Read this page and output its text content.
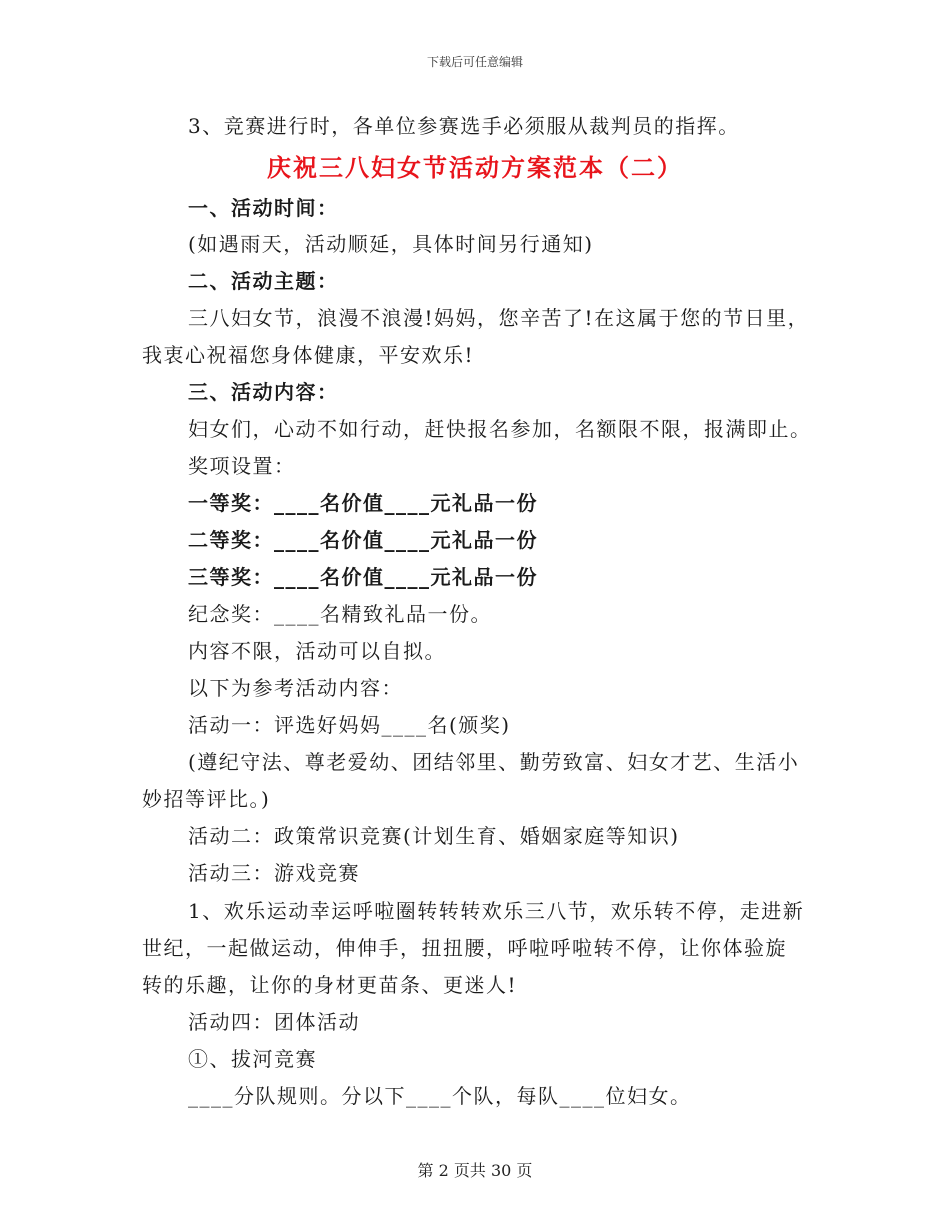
下载后可任意编辑
3、竞赛进行时，各单位参赛选手必须服从裁判员的指挥。
庆祝三八妇女节活动方案范本（二）
一、活动时间：
(如遇雨天，活动顺延，具体时间另行通知)
二、活动主题：
三八妇女节，浪漫不浪漫!妈妈，您辛苦了!在这属于您的节日里，
我衷心祝福您身体健康，平安欢乐!
三、活动内容：
妇女们，心动不如行动，赶快报名参加，名额限不限，报满即止。
奖项设置：
一等奖：____名价值____元礼品一份
二等奖：____名价值____元礼品一份
三等奖：____名价值____元礼品一份
纪念奖：____名精致礼品一份。
内容不限，活动可以自拟。
以下为参考活动内容：
活动一：评选好妈妈____名(颁奖)
(遵纪守法、尊老爱幼、团结邻里、勤劳致富、妇女才艺、生活小
妙招等评比。)
活动二：政策常识竞赛(计划生育、婚姻家庭等知识)
活动三：游戏竞赛
1、欢乐运动幸运呼啦圈转转转欢乐三八节，欢乐转不停，走进新
世纪，一起做运动，伸伸手，扭扭腰，呼啦呼啦转不停，让你体验旋
转的乐趣，让你的身材更苗条、更迷人!
活动四：团体活动
①、拔河竞赛
____分队规则。分以下____个队，每队____位妇女。
第 2 页共 30 页
